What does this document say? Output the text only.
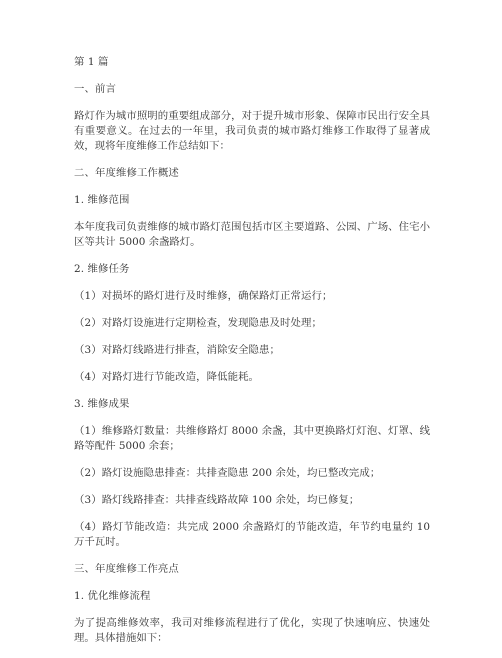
第 1 篇
一、前言
路灯作为城市照明的重要组成部分，对于提升城市形象、保障市民出行安全具有重要意义。在过去的一年里，我司负责的城市路灯维修工作取得了显著成效，现将年度维修工作总结如下：
二、年度维修工作概述
1. 维修范围
本年度我司负责维修的城市路灯范围包括市区主要道路、公园、广场、住宅小区等共计 5000 余盏路灯。
2. 维修任务
（1）对损坏的路灯进行及时维修，确保路灯正常运行；
（2）对路灯设施进行定期检查，发现隐患及时处理；
（3）对路灯线路进行排查，消除安全隐患；
（4）对路灯进行节能改造，降低能耗。
3. 维修成果
（1）维修路灯数量：共维修路灯 8000 余盏，其中更换路灯灯泡、灯罩、线路等配件 5000 余套；
（2）路灯设施隐患排查：共排查隐患 200 余处，均已整改完成；
（3）路灯线路排查：共排查线路故障 100 余处，均已修复；
（4）路灯节能改造：共完成 2000 余盏路灯的节能改造，年节约电量约 10 万千瓦时。
三、年度维修工作亮点
1. 优化维修流程
为了提高维修效率，我司对维修流程进行了优化，实现了快速响应、快速处理。具体措施如下：
